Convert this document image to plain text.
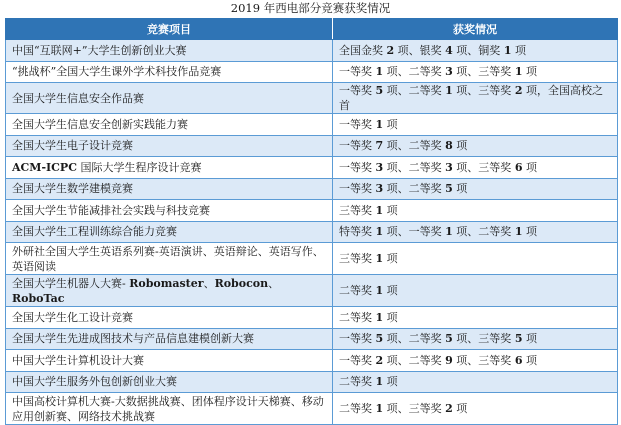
2019 年西电部分竞赛获奖情况
竞赛项目	获奖情况
中国“互联网+”大学生创新创业大赛	全国金奖 2 项、银奖 4 项、铜奖 1 项
“挑战杯”全国大学生课外学术科技作品竞赛	一等奖 1 项、二等奖 3 项、三等奖 1 项
全国大学生信息安全作品赛	一等奖 5 项、二等奖 1 项、三等奖 2 项，全国高校之首
全国大学生信息安全创新实践能力赛	一等奖 1 项
全国大学生电子设计竞赛	一等奖 7 项、二等奖 8 项
ACM-ICPC 国际大学生程序设计竞赛	一等奖 3 项、二等奖 3 项、三等奖 6 项
全国大学生数学建模竞赛	一等奖 3 项、二等奖 5 项
全国大学生节能减排社会实践与科技竞赛	三等奖 1 项
全国大学生工程训练综合能力竞赛	特等奖 1 项、一等奖 1 项、二等奖 1 项
外研社全国大学生英语系列赛-英语演讲、英语辩论、英语写作、英语阅读	三等奖 1 项
全国大学生机器人大赛- Robomaster、Robocon、RoboTac	二等奖 1 项
全国大学生化工设计竞赛	二等奖 1 项
全国大学生先进成图技术与产品信息建模创新大赛	一等奖 5 项、二等奖 5 项、三等奖 5 项
中国大学生计算机设计大赛	一等奖 2 项、二等奖 9 项、三等奖 6 项
中国大学生服务外包创新创业大赛	二等奖 1 项
中国高校计算机大赛-大数据挑战赛、团体程序设计天梯赛、移动应用创新赛、网络技术挑战赛	二等奖 1 项、三等奖 2 项
